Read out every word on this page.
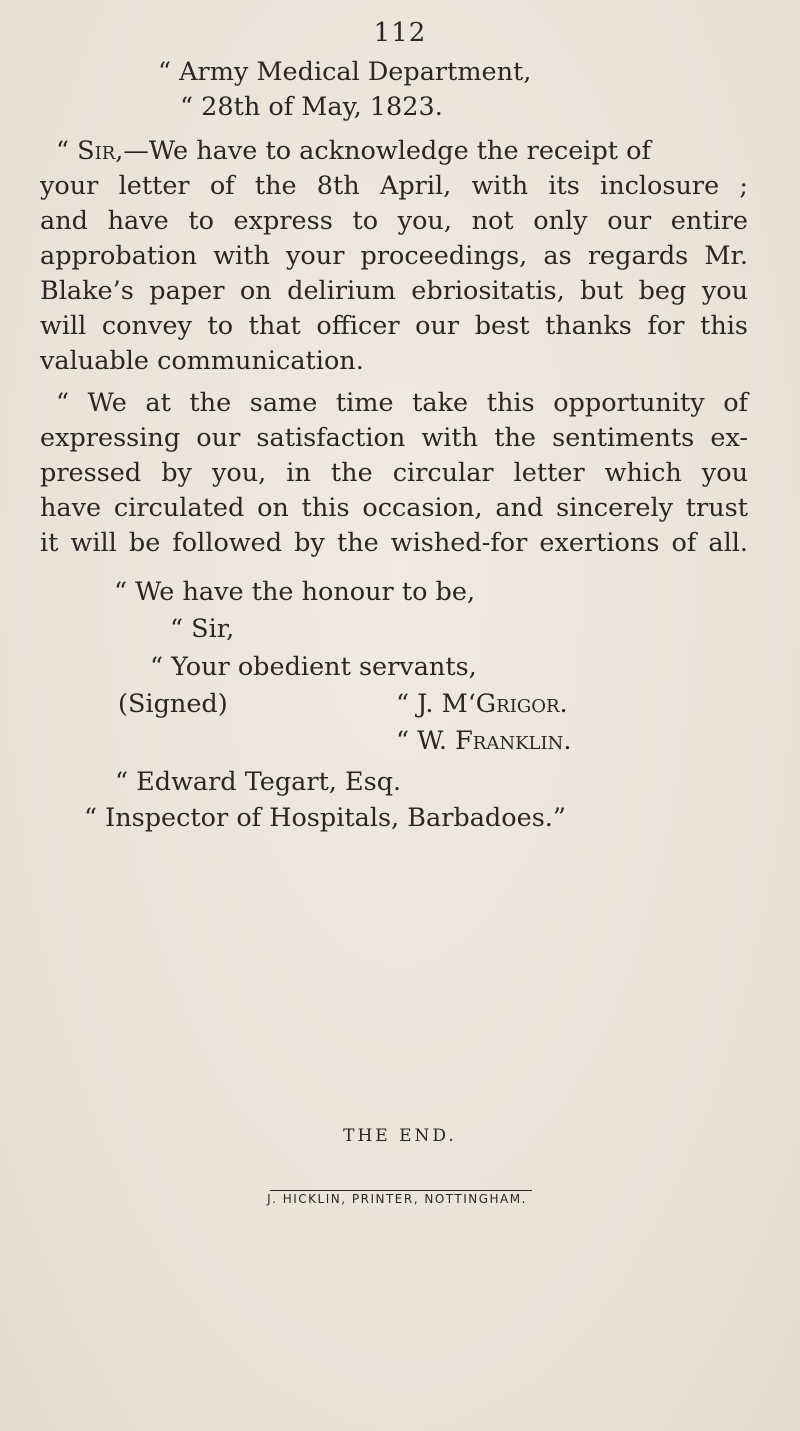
112
“ Army Medical Department,
“ 28th of May, 1823.
“ Sir,—We have to acknowledge the receipt of
your letter of the 8th April, with its inclosure ;
and have to express to you, not only our entire
approbation with your proceedings, as regards Mr.
Blake’s paper on delirium ebriositatis, but beg you
will convey to that officer our best thanks for this
valuable communication.
“ We at the same time take this opportunity of
expressing our satisfaction with the sentiments ex-
pressed by you, in the circular letter which you
have circulated on this occasion, and sincerely trust
it will be followed by the wished-for exertions of all.
“ We have the honour to be,
“ Sir,
“ Your obedient servants,
(Signed)	“ J. M‘Grigor.
“ W. Franklin.
“ Edward Tegart, Esq.
“ Inspector of Hospitals, Barbadoes.”
THE END.
J. HICKLIN, PRINTER, NOTTINGHAM.
